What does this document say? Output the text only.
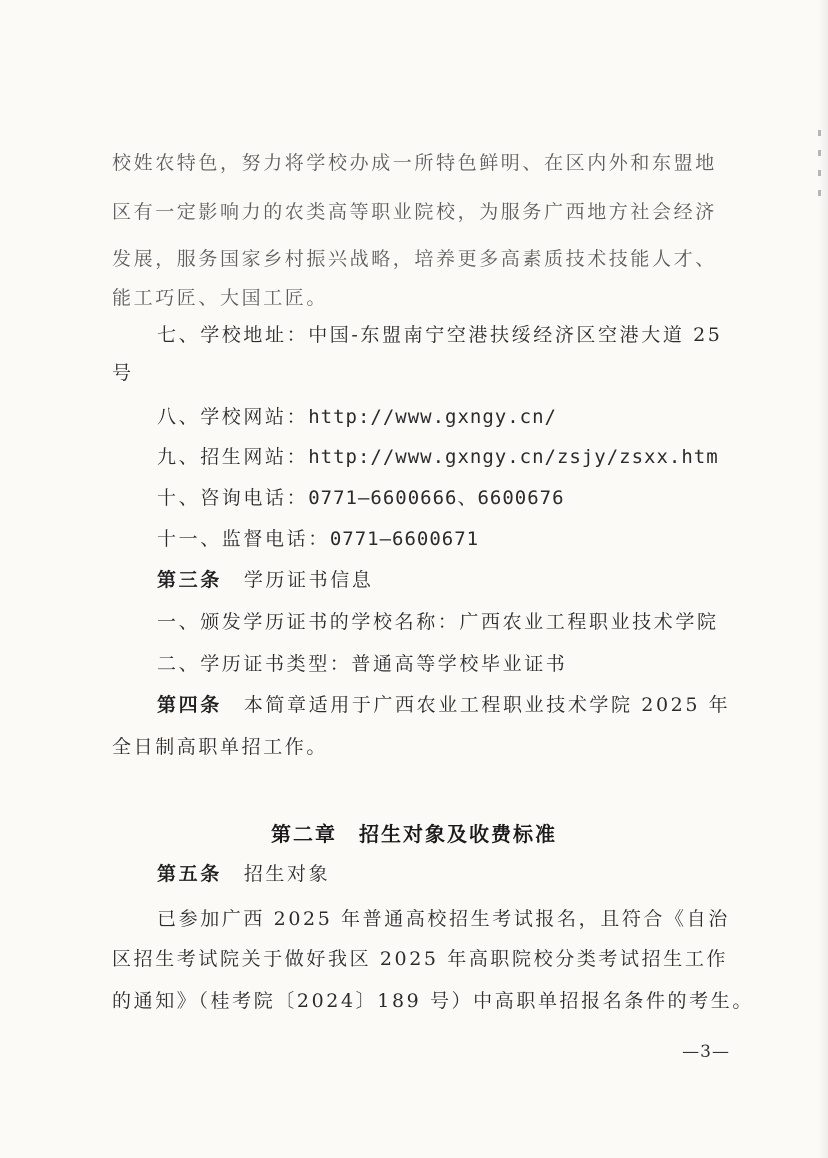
校姓农特色，努力将学校办成一所特色鲜明、在区内外和东盟地
区有一定影响力的农类高等职业院校，为服务广西地方社会经济
发展，服务国家乡村振兴战略，培养更多高素质技术技能人才、
能工巧匠、大国工匠。
七、学校地址：中国-东盟南宁空港扶绥经济区空港大道 25
号
八、学校网站：http://www.gxngy.cn/
九、招生网站：http://www.gxngy.cn/zsjy/zsxx.htm
十、咨询电话：0771—6600666、6600676
十一、监督电话：0771—6600671
第三条 学历证书信息
一、颁发学历证书的学校名称：广西农业工程职业技术学院
二、学历证书类型：普通高等学校毕业证书
第四条 本简章适用于广西农业工程职业技术学院 2025 年
全日制高职单招工作。
第二章　招生对象及收费标准
第五条 招生对象
已参加广西 2025 年普通高校招生考试报名，且符合《自治
区招生考试院关于做好我区 2025 年高职院校分类考试招生工作
的通知》（桂考院〔2024〕189 号）中高职单招报名条件的考生。
—3—
